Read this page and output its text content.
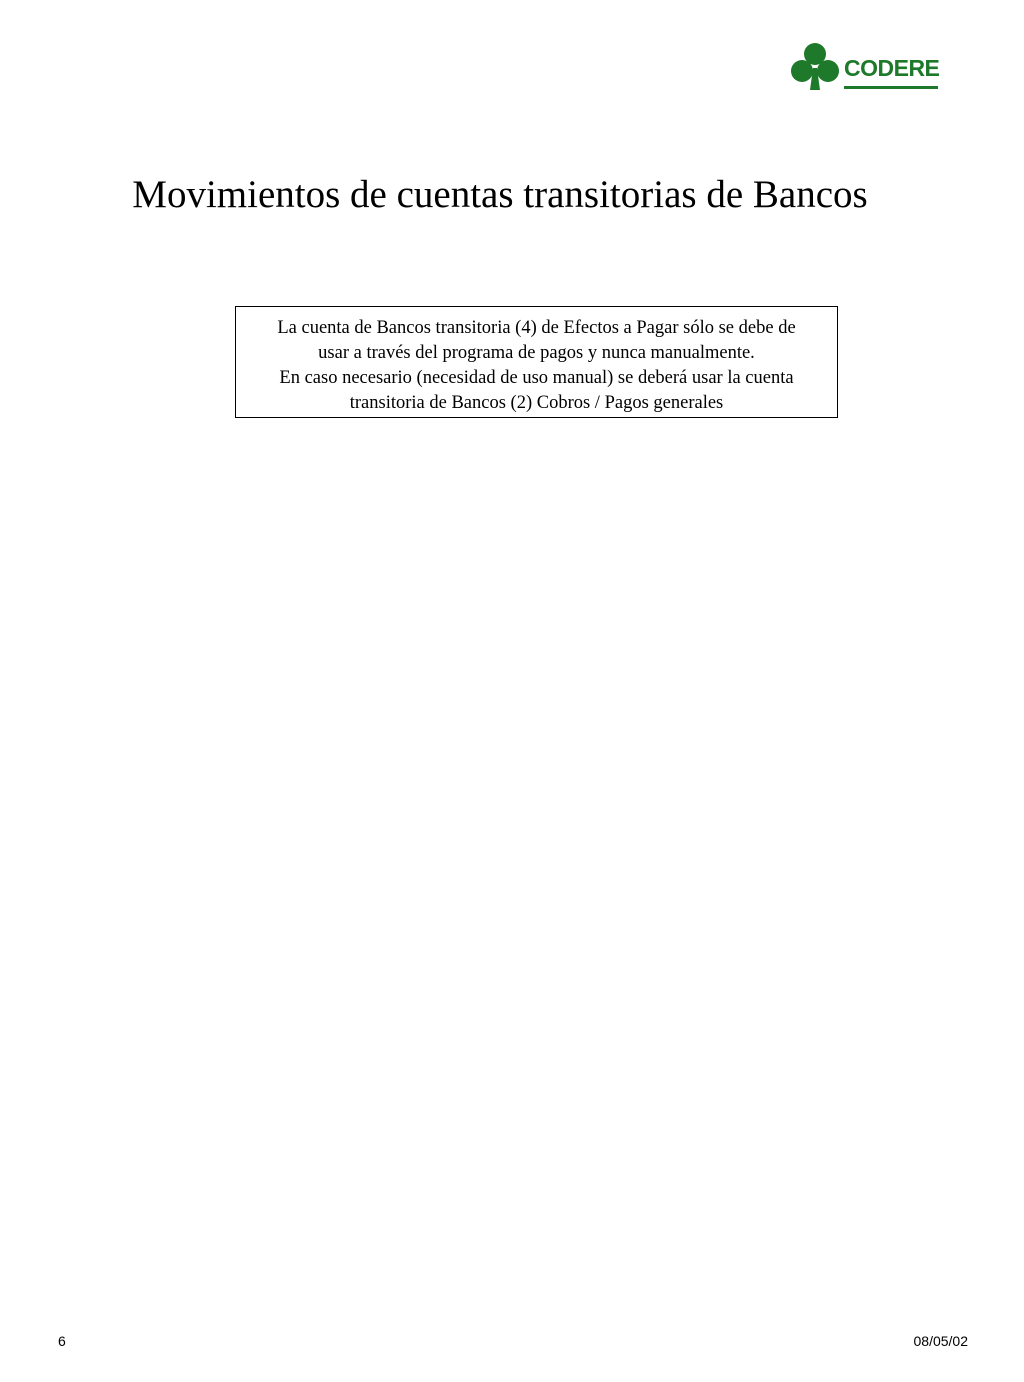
CODERE
Movimientos de cuentas transitorias de Bancos
La cuenta de Bancos transitoria (4) de Efectos a Pagar sólo se debe de
usar a través del programa de pagos y nunca manualmente.
En caso necesario (necesidad de uso manual) se deberá usar la cuenta
transitoria de Bancos (2) Cobros / Pagos generales
6	08/05/02
